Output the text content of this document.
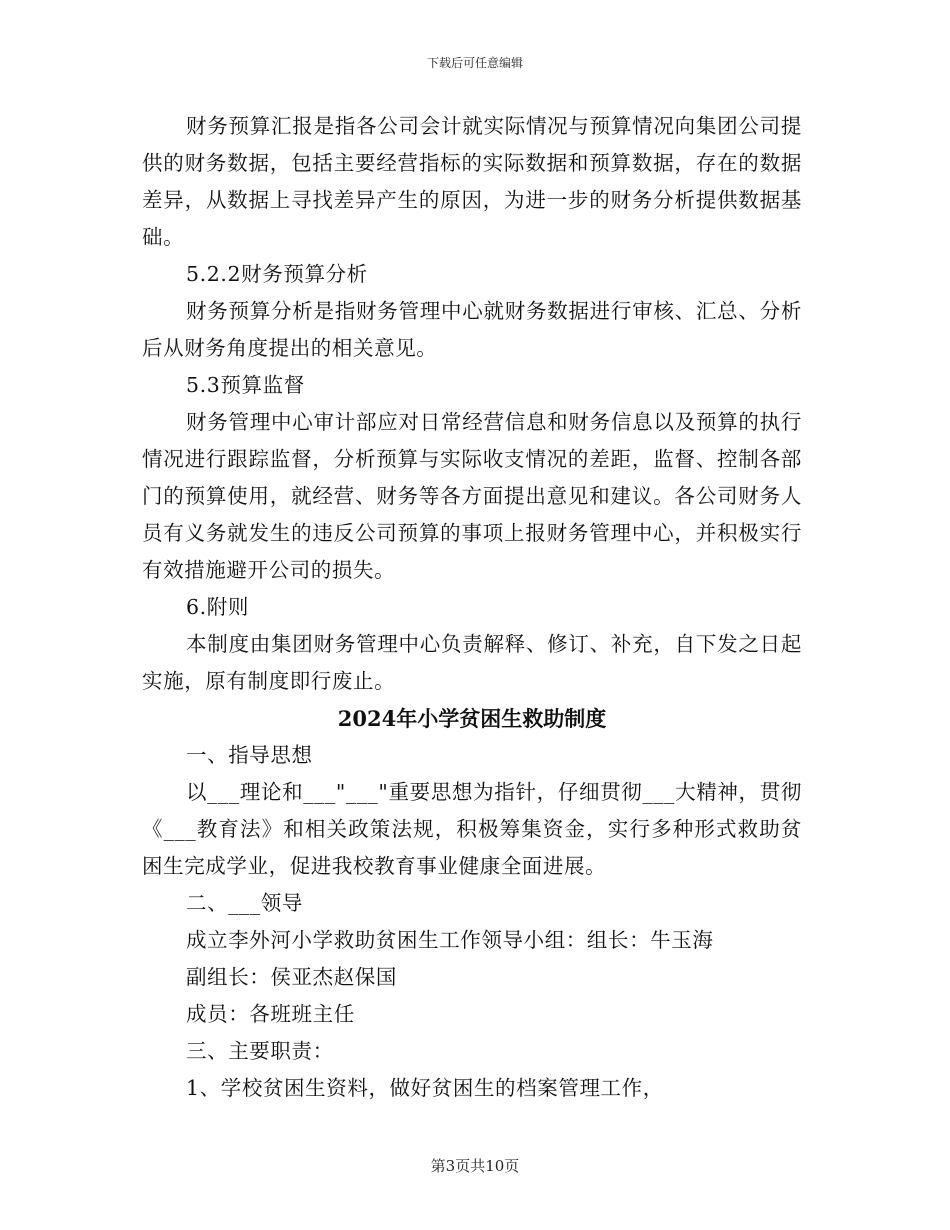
下载后可任意编辑

财务预算汇报是指各公司会计就实际情况与预算情况向集团公司提供的财务数据，包括主要经营指标的实际数据和预算数据，存在的数据差异，从数据上寻找差异产生的原因，为进一步的财务分析提供数据基础。

5.2.2财务预算分析

财务预算分析是指财务管理中心就财务数据进行审核、汇总、分析后从财务角度提出的相关意见。

5.3预算监督

财务管理中心审计部应对日常经营信息和财务信息以及预算的执行情况进行跟踪监督，分析预算与实际收支情况的差距，监督、控制各部门的预算使用，就经营、财务等各方面提出意见和建议。各公司财务人员有义务就发生的违反公司预算的事项上报财务管理中心，并积极实行有效措施避开公司的损失。

6.附则

本制度由集团财务管理中心负责解释、修订、补充，自下发之日起实施，原有制度即行废止。

2024年小学贫困生救助制度

一、指导思想

以___理论和___"___"重要思想为指针，仔细贯彻___大精神，贯彻《___教育法》和相关政策法规，积极筹集资金，实行多种形式救助贫困生完成学业，促进我校教育事业健康全面进展。

二、___领导

成立李外河小学救助贫困生工作领导小组：组长：牛玉海

副组长：侯亚杰赵保国

成员：各班班主任

三、主要职责：

1、学校贫困生资料，做好贫困生的档案管理工作，

第3页共10页
